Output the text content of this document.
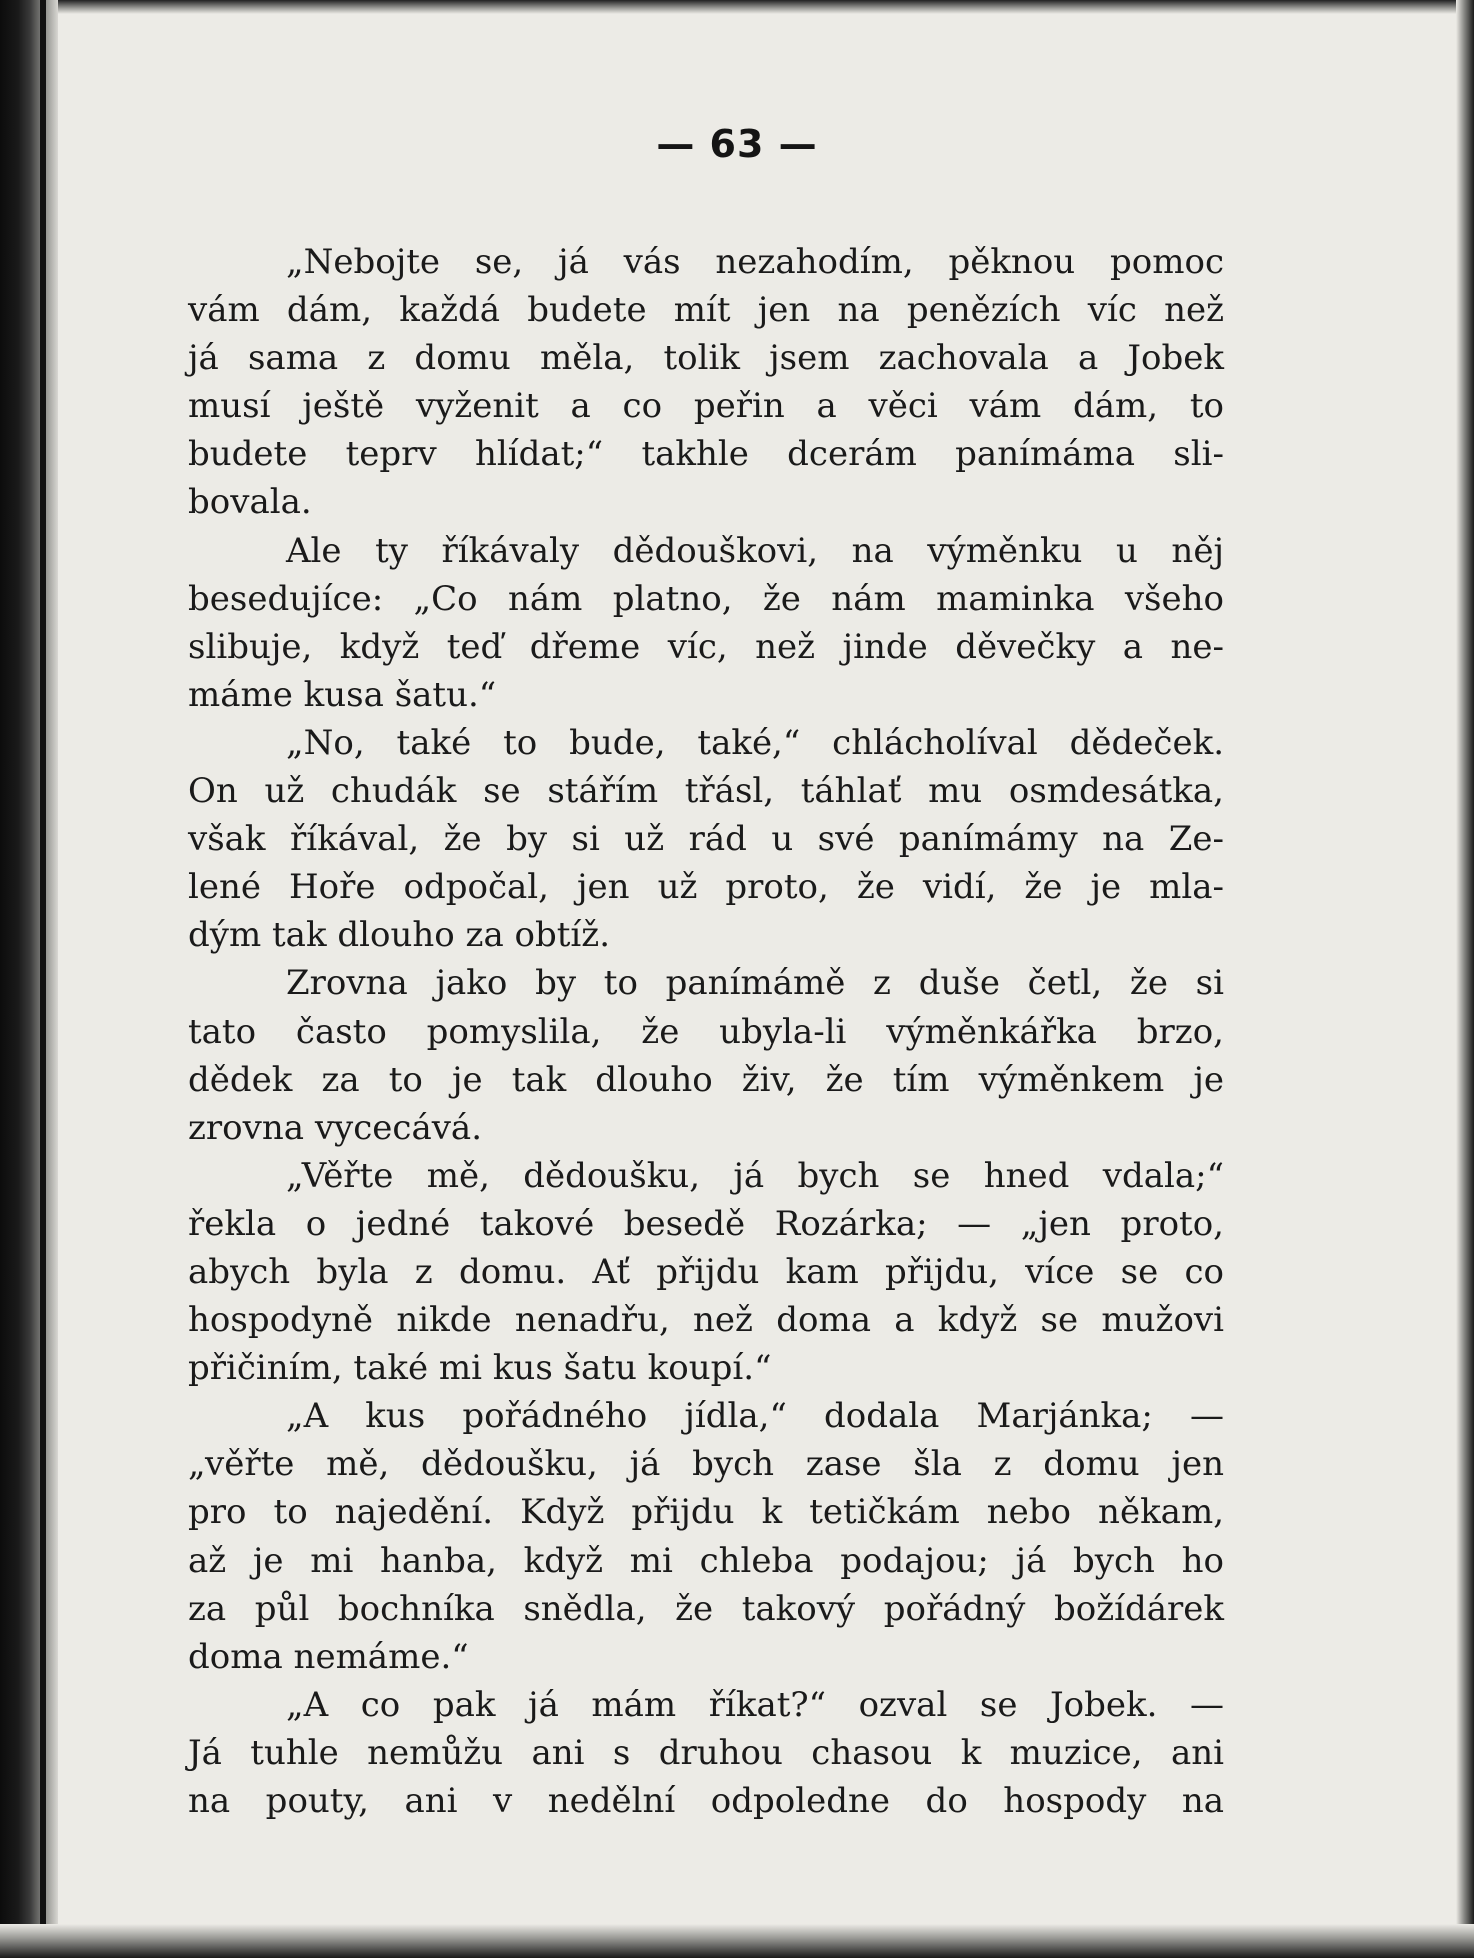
— 63 —
„Nebojte se, já vás nezahodím, pěknou pomoc
vám dám, každá budete mít jen na penězích víc než
já sama z domu měla, tolik jsem zachovala a Jobek
musí ještě vyženit a co peřin a věci vám dám, to
budete teprv hlídat;“ takhle dcerám panímáma sli-
bovala.
Ale ty říkávaly dědouškovi, na výměnku u něj
besedujíce: „Co nám platno, že nám maminka všeho
slibuje, když teď dřeme víc, než jinde děvečky a ne-
máme kusa šatu.“
„No, také to bude, také,“ chlácholíval dědeček.
On už chudák se stářím třásl, táhlať mu osmdesátka,
však říkával, že by si už rád u své panímámy na Ze-
lené Hoře odpočal, jen už proto, že vidí, že je mla-
dým tak dlouho za obtíž.
Zrovna jako by to panímámě z duše četl, že si
tato často pomyslila, že ubyla-li výměnkářka brzo,
dědek za to je tak dlouho živ, že tím výměnkem je
zrovna vycecává.
„Věřte mě, dědoušku, já bych se hned vdala;“
řekla o jedné takové besedě Rozárka; — „jen proto,
abych byla z domu. Ať přijdu kam přijdu, více se co
hospodyně nikde nenadřu, než doma a když se mužovi
přičiním, také mi kus šatu koupí.“
„A kus pořádného jídla,“ dodala Marjánka; —
„věřte mě, dědoušku, já bych zase šla z domu jen
pro to najedění. Když přijdu k tetičkám nebo někam,
až je mi hanba, když mi chleba podajou; já bych ho
za půl bochníka snědla, že takový pořádný božídárek
doma nemáme.“
„A co pak já mám říkat?“ ozval se Jobek. —
Já tuhle nemůžu ani s druhou chasou k muzice, ani
na pouty, ani v nedělní odpoledne do hospody na
